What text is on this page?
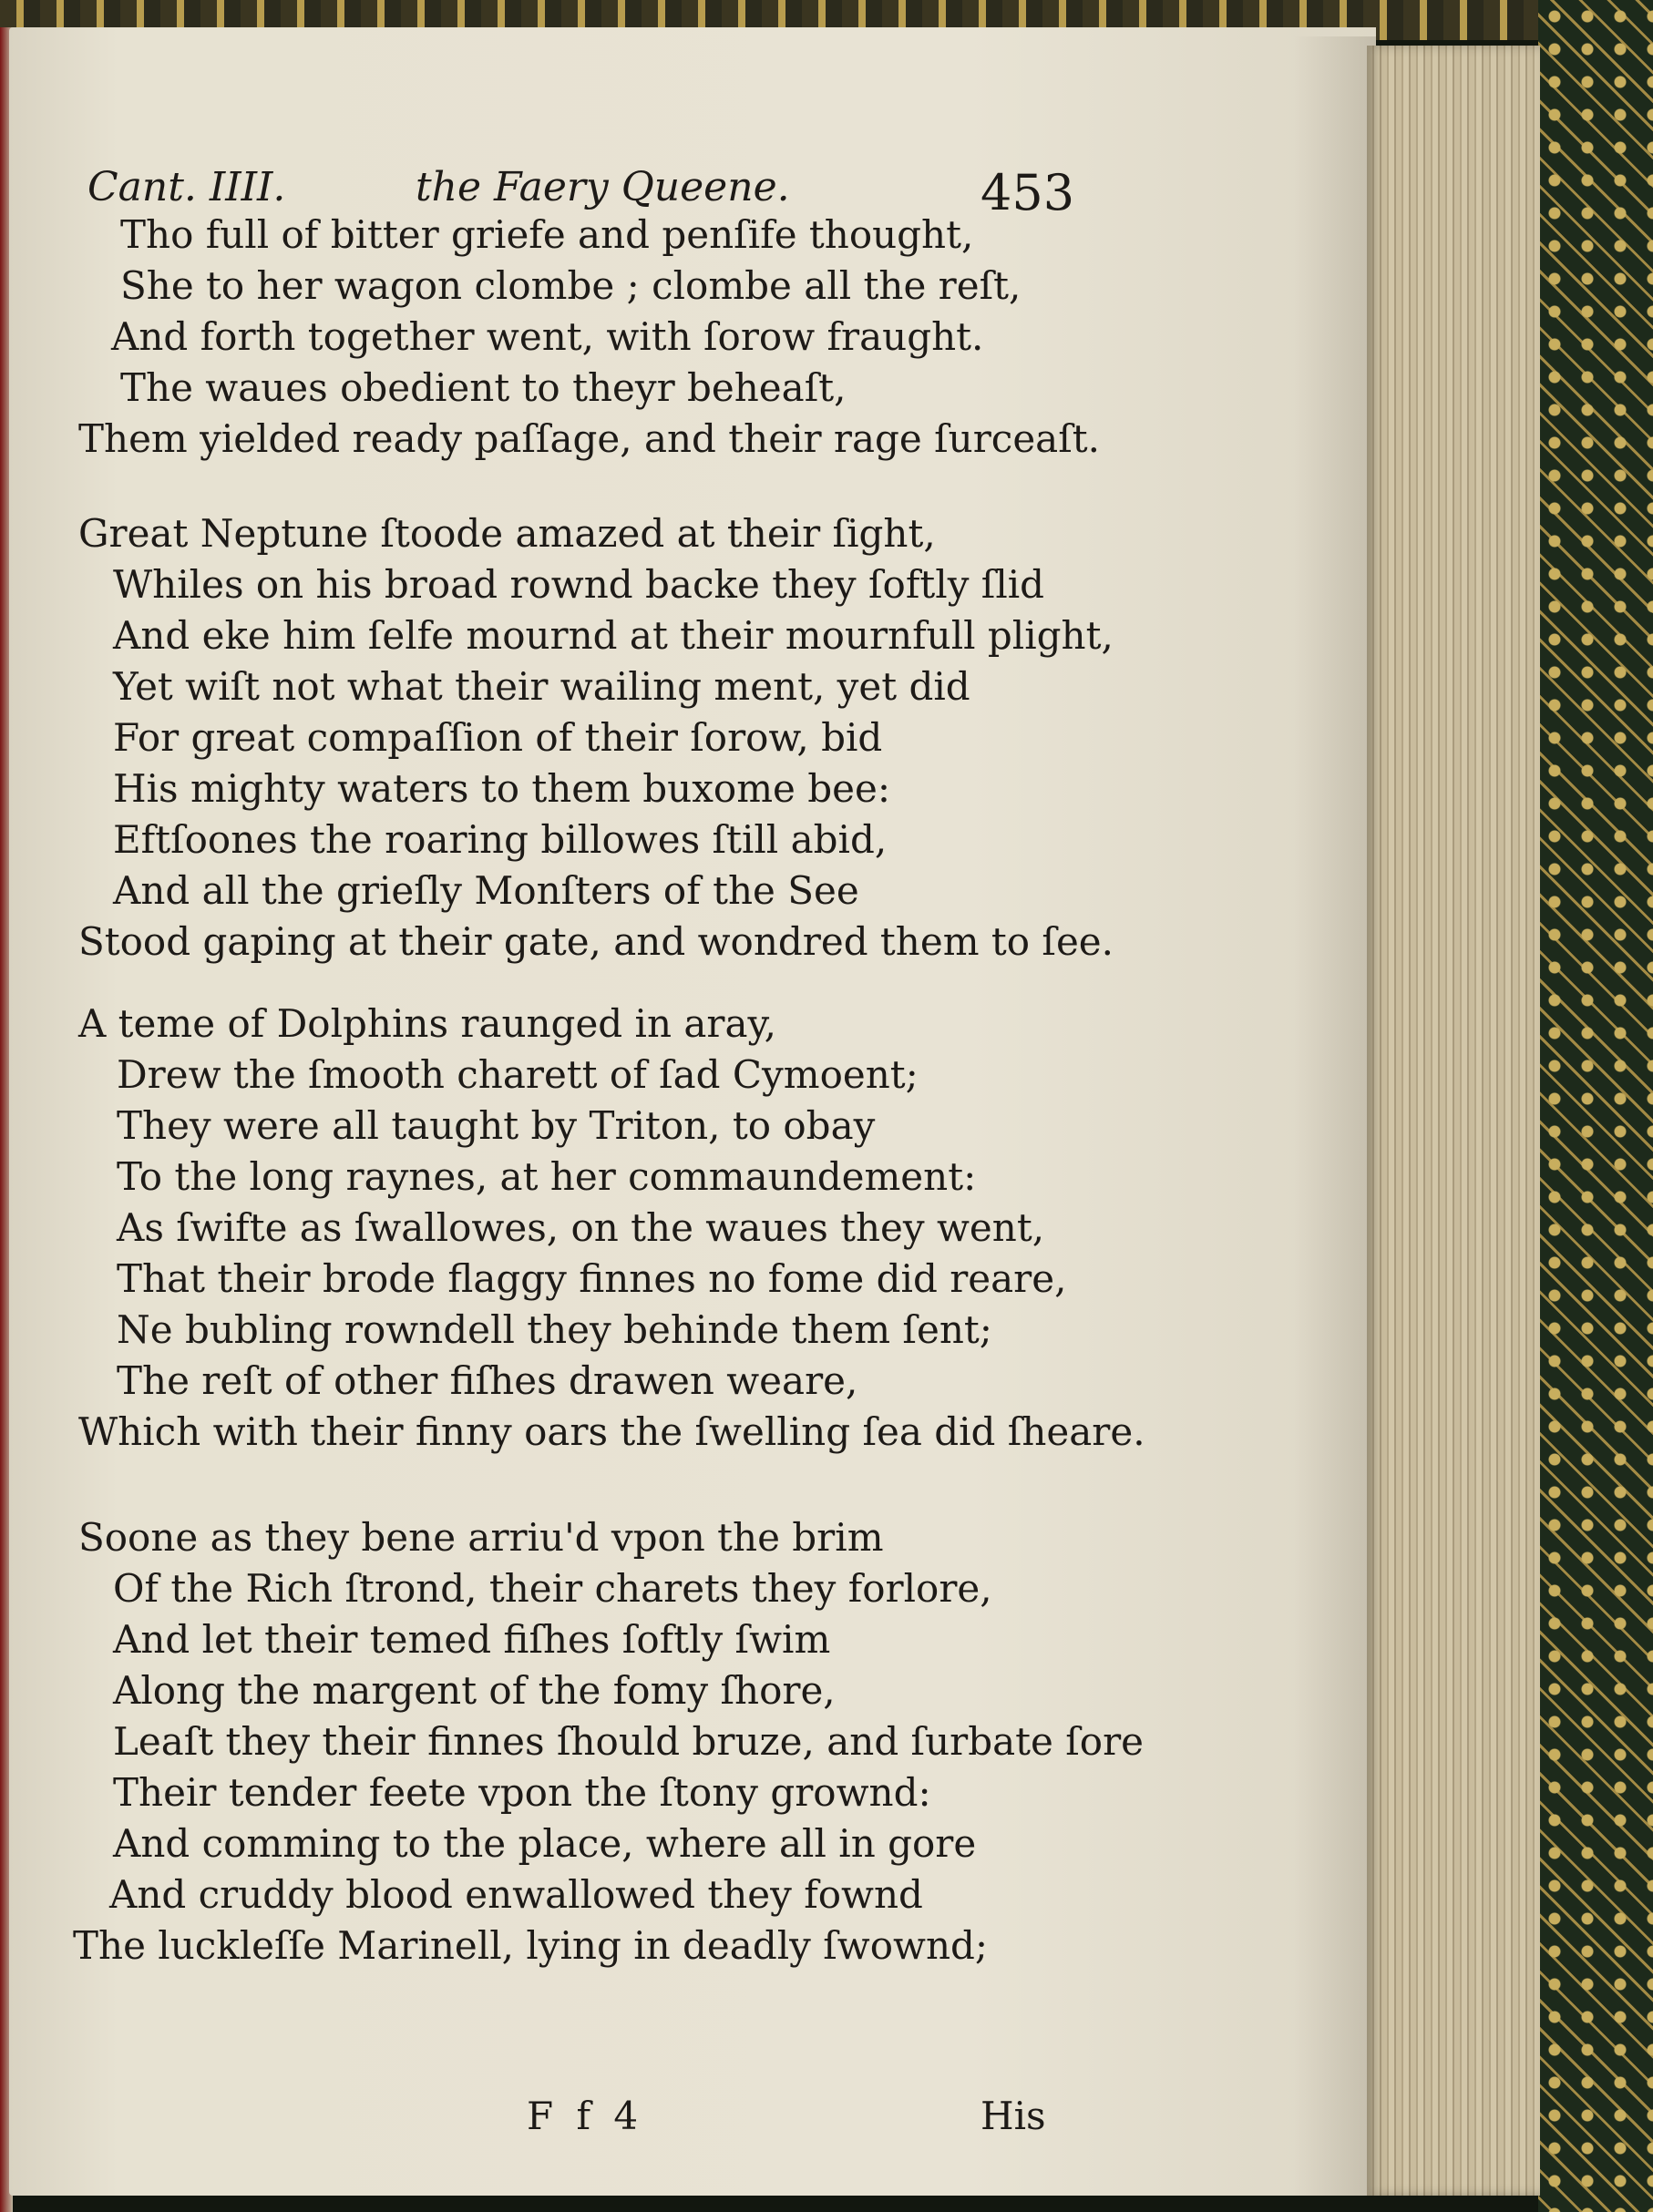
Cant. IIII.	the Faery Queene.	453
Tho full of bitter griefe and penſife thought,
She to her wagon clombe ; clombe all the reſt,
And forth together went, with ſorow fraught.
The waues obedient to theyr beheaſt,
Them yielded ready paſſage, and their rage ſurceaſt.
Great Neptune ſtoode amazed at their ſight,
Whiles on his broad rownd backe they ſoftly ſlid
And eke him ſelfe mournd at their mournfull plight,
Yet wiſt not what their wailing ment, yet did
For great compaſſion of their ſorow, bid
His mighty waters to them buxome bee:
Eftſoones the roaring billowes ſtill abid,
And all the grieſly Monſters of the See
Stood gaping at their gate, and wondred them to ſee.
A teme of Dolphins raunged in aray,
Drew the ſmooth charett of ſad Cymoent;
They were all taught by Triton, to obay
To the long raynes, at her commaundement:
As ſwifte as ſwallowes, on the waues they went,
That their brode flaggy finnes no fome did reare,
Ne bubling rowndell they behinde them ſent;
The reſt of other fiſhes drawen weare,
Which with their finny oars the ſwelling ſea did ſheare.
Soone as they bene arriu'd vpon the brim
Of the Rich ſtrond, their charets they forlore,
And let their temed fiſhes ſoftly ſwim
Along the margent of the fomy ſhore,
Leaſt they their finnes ſhould bruze, and ſurbate ſore
Their tender feete vpon the ſtony grownd:
And comming to the place, where all in gore
And cruddy blood enwallowed they fownd
The luckleſſe Marinell, lying in deadly ſwownd;
F f 4	His
